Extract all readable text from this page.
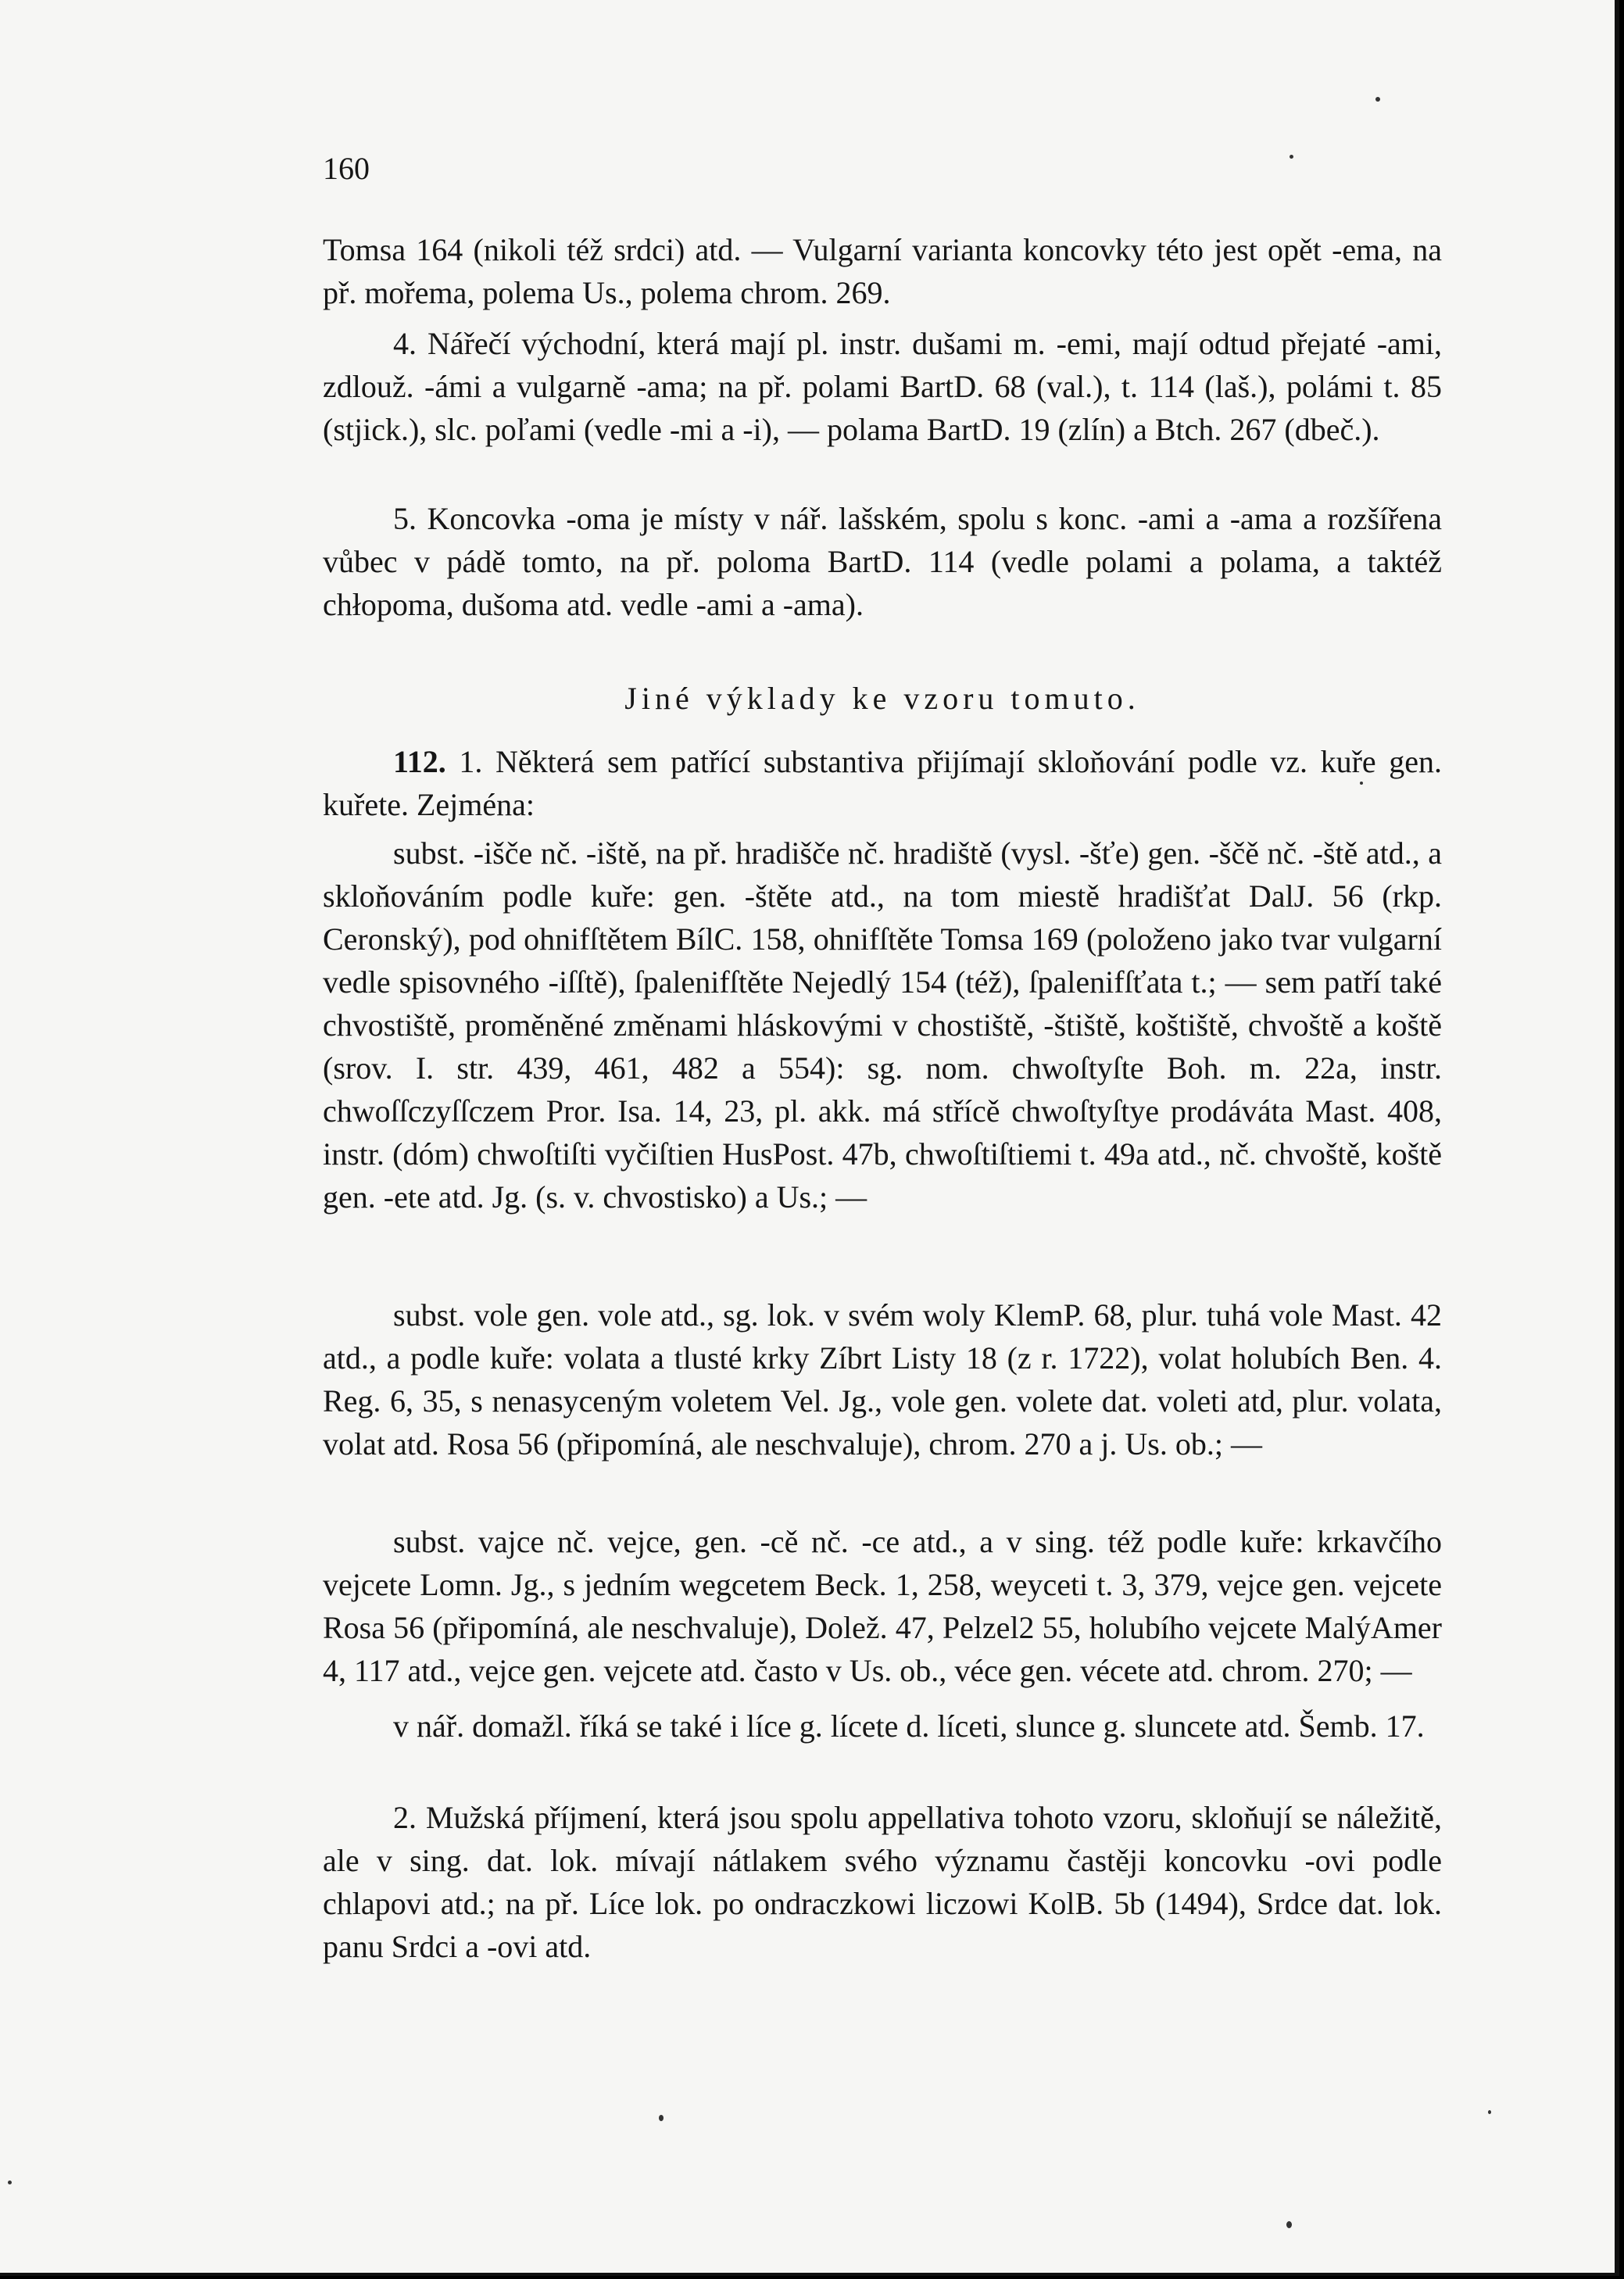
160

Tomsa 164 (nikoli též srdci) atd. — Vulgarní varianta koncovky této jest opět -ema, na př. mořema, polema Us., polema chrom. 269.

4. Nářečí východní, která mají pl. instr. dušami m. -emi, mají odtud přejaté -ami, zdlouž. -ámi a vulgarně -ama; na př. polami BartD. 68 (val.), t. 114 (laš.), polámi t. 85 (stjick.), slc. poľami (vedle -mi a -i), — polama BartD. 19 (zlín) a Btch. 267 (dbeč.).

5. Koncovka -oma je místy v nář. lašském, spolu s konc. -ami a -ama a rozšířena vůbec v pádě tomto, na př. poloma BartD. 114 (vedle polami a polama, a taktéž chłopoma, dušoma atd. vedle -ami a -ama).

Jiné výklady ke vzoru tomuto.

112. 1. Některá sem patřící substantiva přijímají skloňování podle vz. kuře gen. kuřete. Zejména:

subst. -išče nč. -iště, na př. hradišče nč. hradiště (vysl. -šťe) gen. -ščě nč. -ště atd., a skloňováním podle kuře: gen. -štěte atd., na tom miestě hradišťat DalJ. 56 (rkp. Ceronský), pod ohnifſtětem BílC. 158, ohnifſtěte Tomsa 169 (položeno jako tvar vulgarní vedle spisovného -iſſtě), ſpalenifſtěte Nejedlý 154 (též), ſpalenifſťata t.; — sem patří také chvostiště, proměněné změnami hláskovými v chostiště, -štiště, koštiště, chvoště a koště (srov. I. str. 439, 461, 482 a 554): sg. nom. chwoſtyſte Boh. m. 22a, instr. chwoſſczyſſczem Pror. Isa. 14, 23, pl. akk. má střícě chwoſtyſtye prodáváta Mast. 408, instr. (dóm) chwoſtiſti vyčiſtien HusPost. 47b, chwoſtiſtiemi t. 49a atd., nč. chvoště, koště gen. -ete atd. Jg. (s. v. chvostisko) a Us.; —

subst. vole gen. vole atd., sg. lok. v svém woly KlemP. 68, plur. tuhá vole Mast. 42 atd., a podle kuře: volata a tlusté krky Zíbrt Listy 18 (z r. 1722), volat holubích Ben. 4. Reg. 6, 35, s nenasyceným voletem Vel. Jg., vole gen. volete dat. voleti atd, plur. volata, volat atd. Rosa 56 (připomíná, ale neschvaluje), chrom. 270 a j. Us. ob.; —

subst. vajce nč. vejce, gen. -cě nč. -ce atd., a v sing. též podle kuře: krkavčího vejcete Lomn. Jg., s jedním wegcetem Beck. 1, 258, weyceti t. 3, 379, vejce gen. vejcete Rosa 56 (připomíná, ale neschvaluje), Dolež. 47, Pelzel2 55, holubího vejcete MalýAmer 4, 117 atd., vejce gen. vejcete atd. často v Us. ob., véce gen. vécete atd. chrom. 270; —

v nář. domažl. říká se také i líce g. lícete d. líceti, slunce g. sluncete atd. Šemb. 17.

2. Mužská příjmení, která jsou spolu appellativa tohoto vzoru, skloňují se náležitě, ale v sing. dat. lok. mívají nátlakem svého významu častěji koncovku -ovi podle chlapovi atd.; na př. Líce lok. po ondraczkowi liczowi KolB. 5b (1494), Srdce dat. lok. panu Srdci a -ovi atd.
